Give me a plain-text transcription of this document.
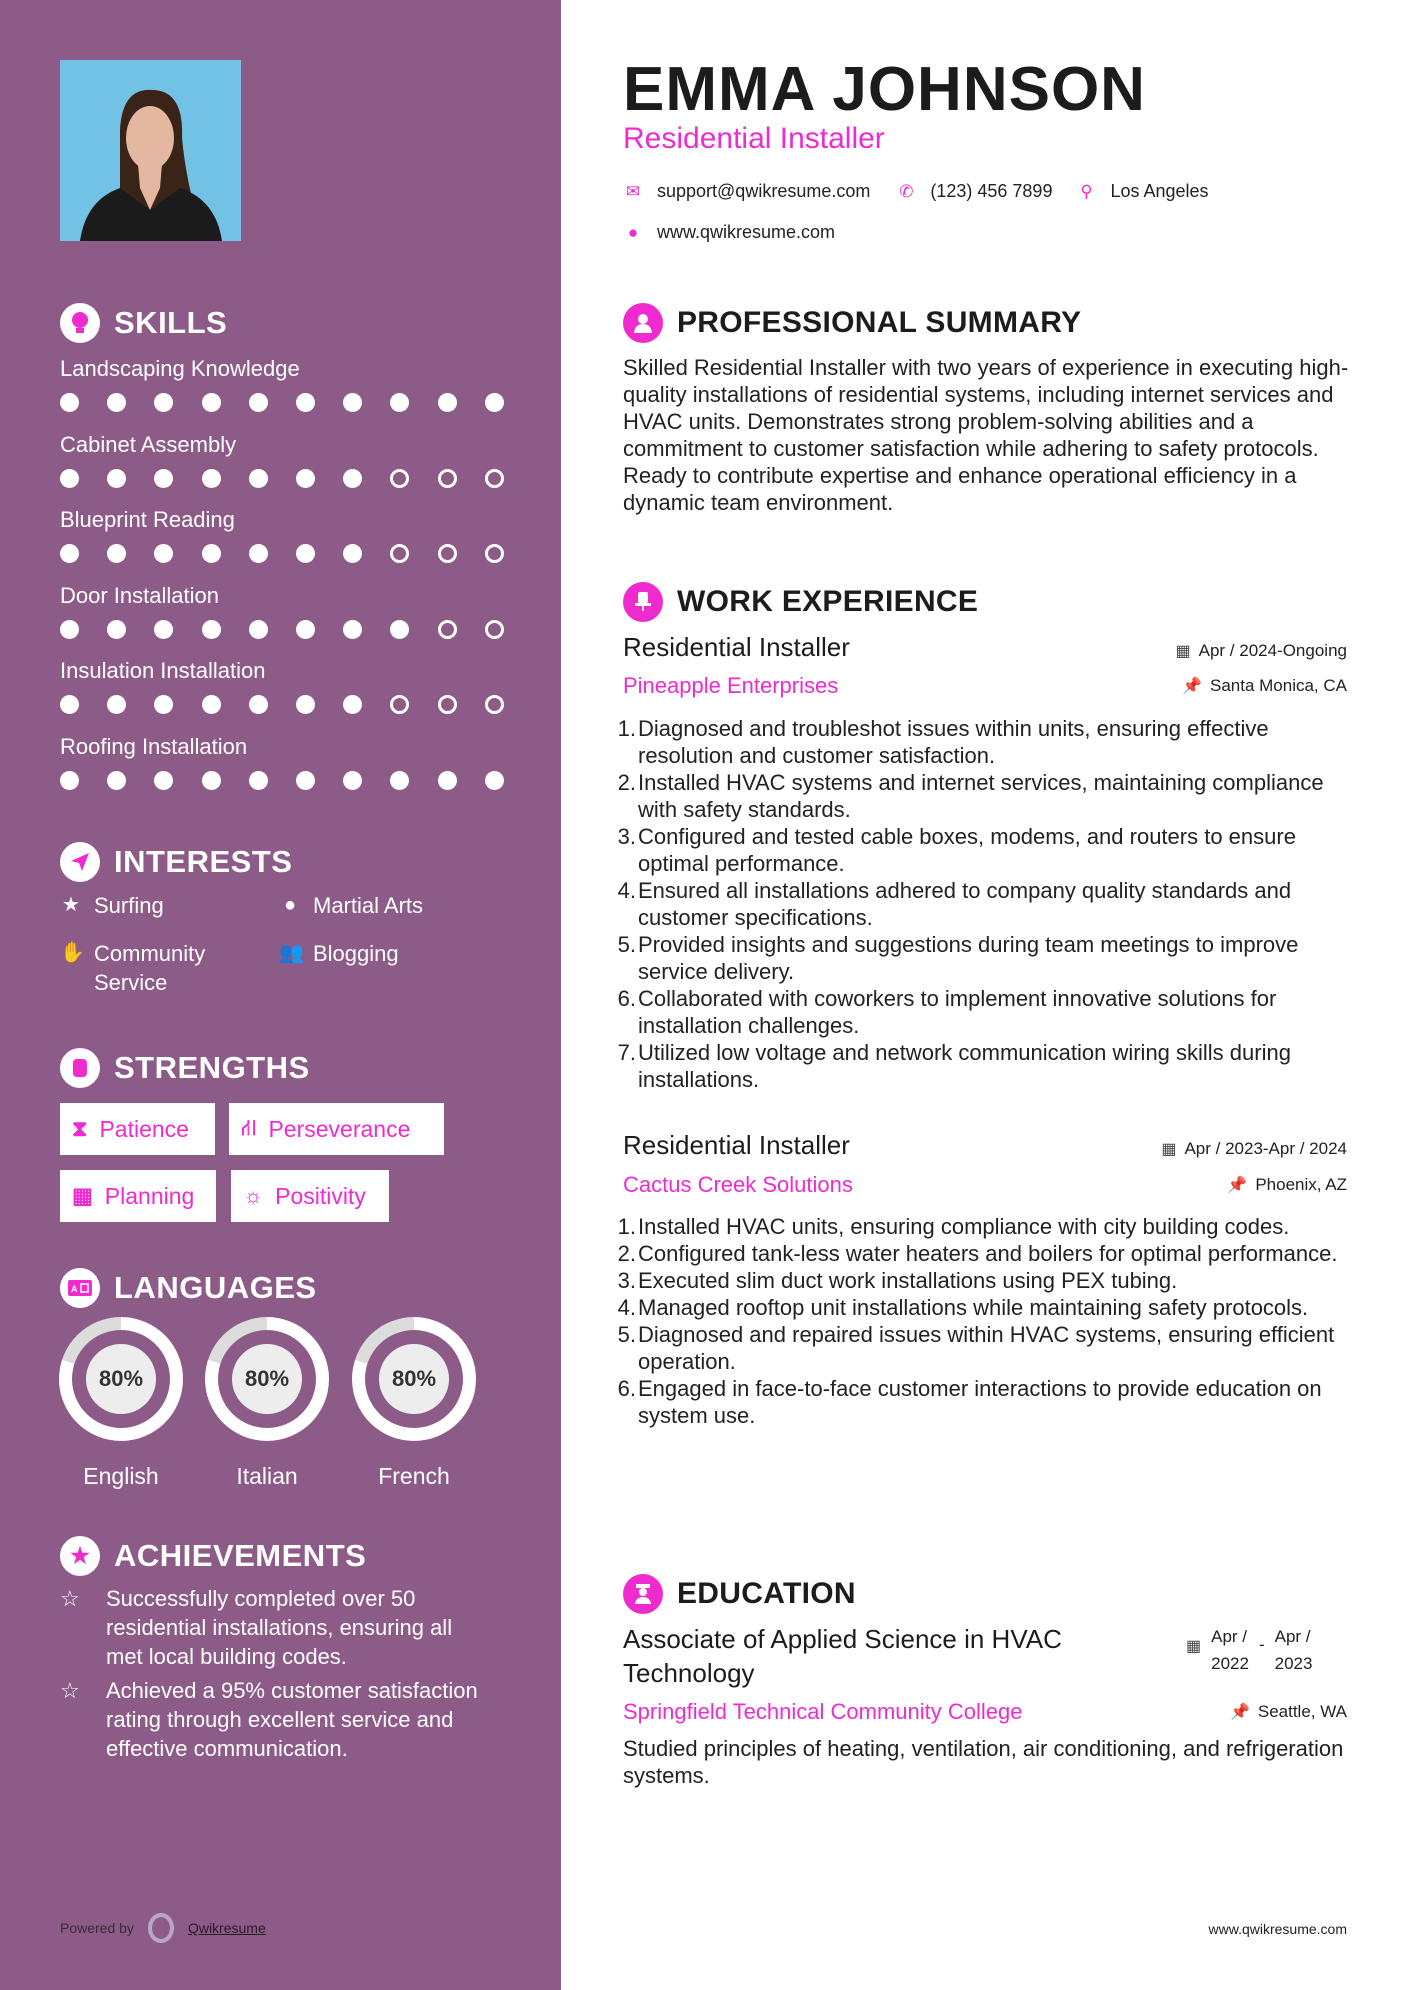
SKILLS
Landscaping Knowledge
Cabinet Assembly
Blueprint Reading
Door Installation
Insulation Installation
Roofing Installation
INTERESTS
★ Surfing	● Martial Arts
✋ Community Service
👥 Blogging
STRENGTHS
⧗ Patience ⛙ Perseverance
▦ Planning ☼ Positivity
A LANGUAGES
80%
English
80%
Italian
80%
French
★ ACHIEVEMENTS
☆	Successfully completed over 50 residential installations, ensuring all met local building codes.
☆	Achieved a 95% customer satisfaction rating through excellent service and effective communication.
Powered by	Qwikresume
EMMA JOHNSON
Residential Installer
✉ support@qwikresume.com ✆ (123) 456 7899 ⚲ Los Angeles
● www.qwikresume.com
PROFESSIONAL SUMMARY
Skilled Residential Installer with two years of experience in executing high-quality installations of residential systems, including internet services and HVAC units. Demonstrates strong problem-solving abilities and a commitment to customer satisfaction while adhering to safety protocols. Ready to contribute expertise and enhance operational efficiency in a dynamic team environment.
WORK EXPERIENCE
Residential Installer	▦ Apr / 2024-Ongoing
Pineapple Enterprises	📌 Santa Monica, CA
1. Diagnosed and troubleshot issues within units, ensuring effective resolution and customer satisfaction.
2. Installed HVAC systems and internet services, maintaining compliance with safety standards.
3. Configured and tested cable boxes, modems, and routers to ensure optimal performance.
4. Ensured all installations adhered to company quality standards and customer specifications.
5. Provided insights and suggestions during team meetings to improve service delivery.
6. Collaborated with coworkers to implement innovative solutions for installation challenges.
7. Utilized low voltage and network communication wiring skills during installations.
Residential Installer	▦ Apr / 2023-Apr / 2024
Cactus Creek Solutions	📌 Phoenix, AZ
1. Installed HVAC units, ensuring compliance with city building codes.
2. Configured tank-less water heaters and boilers for optimal performance.
3. Executed slim duct work installations using PEX tubing.
4. Managed rooftop unit installations while maintaining safety protocols.
5. Diagnosed and repaired issues within HVAC systems, ensuring efficient operation.
6. Engaged in face-to-face customer interactions to provide education on system use.
EDUCATION
Associate of Applied Science in HVAC Technology
▦
Apr /
2022
- Apr /
2023
Springfield Technical Community College	📌 Seattle, WA
Studied principles of heating, ventilation, air conditioning, and refrigeration systems.
www.qwikresume.com
